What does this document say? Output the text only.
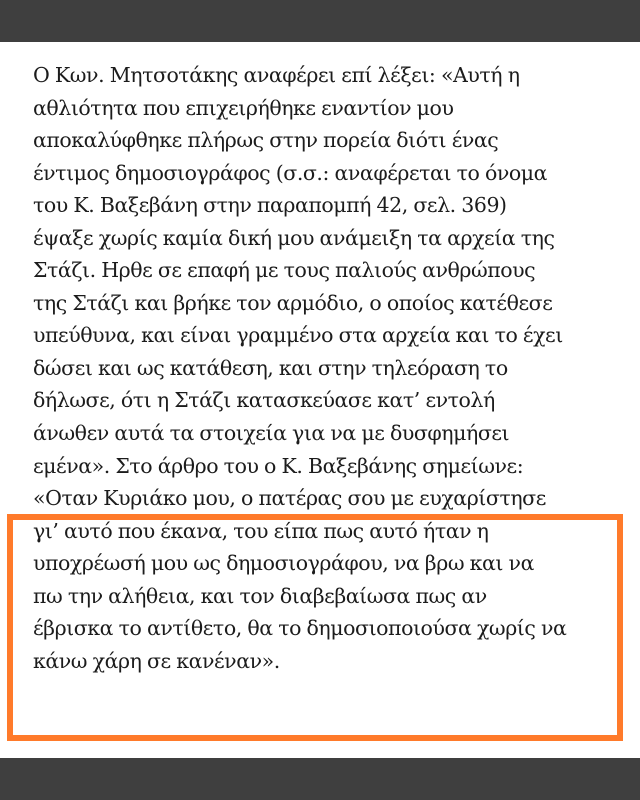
Ο Κων. Μητσοτάκης αναφέρει επί λέξει: «Αυτή η
αθλιότητα που επιχειρήθηκε εναντίον μου
αποκαλύφθηκε πλήρως στην πορεία διότι ένας
έντιμος δημοσιογράφος (σ.σ.: αναφέρεται το όνομα
του Κ. Βαξεβάνη στην παραπομπή 42, σελ. 369)
έψαξε χωρίς καμία δική μου ανάμειξη τα αρχεία της
Στάζι. Ηρθε σε επαφή με τους παλιούς ανθρώπους
της Στάζι και βρήκε τον αρμόδιο, ο οποίος κατέθεσε
υπεύθυνα, και είναι γραμμένο στα αρχεία και το έχει
δώσει και ως κατάθεση, και στην τηλεόραση το
δήλωσε, ότι η Στάζι κατασκεύασε κατ’ εντολή
άνωθεν αυτά τα στοιχεία για να με δυσφημήσει
εμένα». Στο άρθρο του ο Κ. Βαξεβάνης σημείωνε:
«Οταν Κυριάκο μου, ο πατέρας σου με ευχαρίστησε
γι’ αυτό που έκανα, του είπα πως αυτό ήταν η
υποχρέωσή μου ως δημοσιογράφου, να βρω και να
πω την αλήθεια, και τον διαβεβαίωσα πως αν
έβρισκα το αντίθετο, θα το δημοσιοποιούσα χωρίς να
κάνω χάρη σε κανέναν».
